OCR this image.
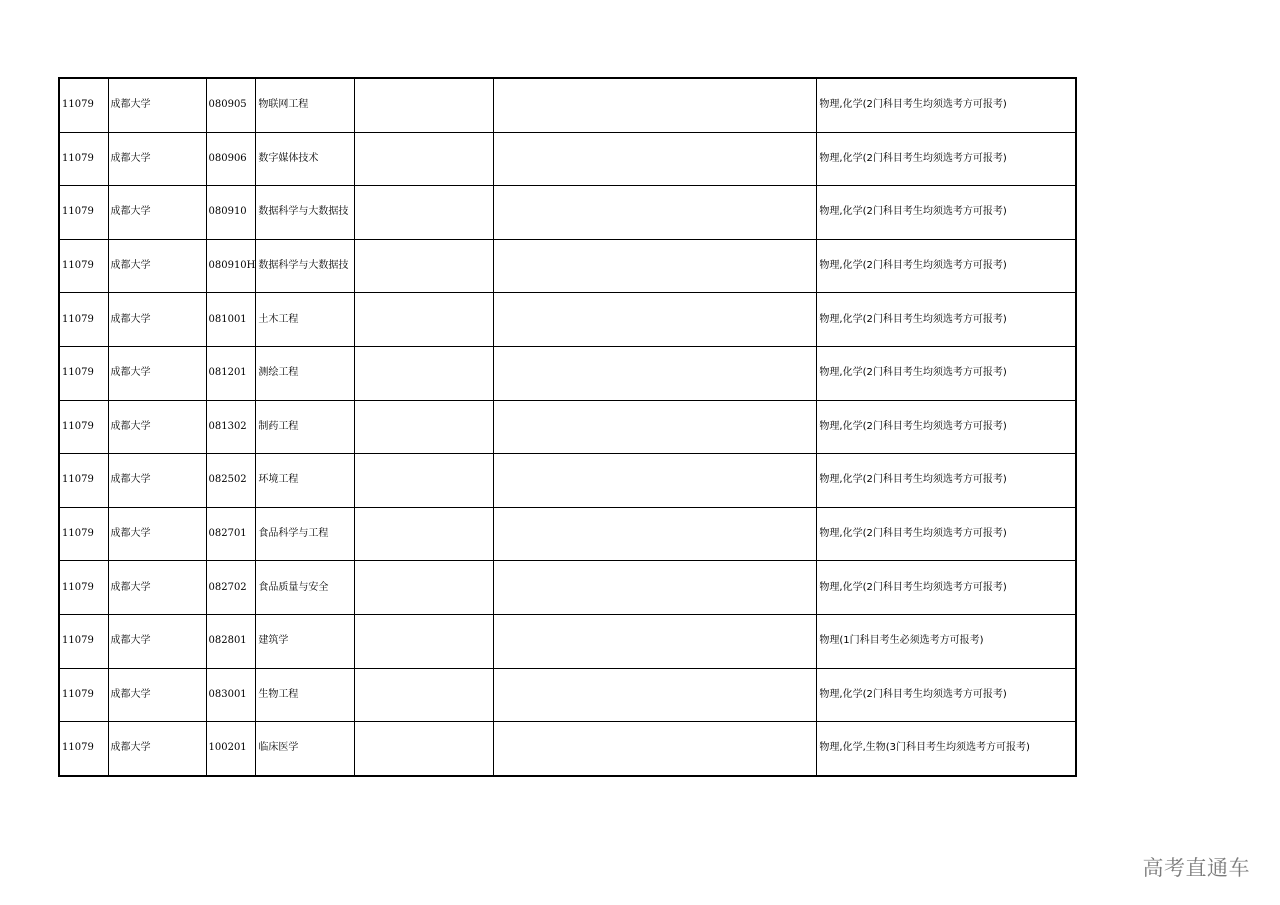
11079	成都大学	080905	物联网工程			物理,化学(2门科目考生均须选考方可报考)
11079	成都大学	080906	数字媒体技术			物理,化学(2门科目考生均须选考方可报考)
11079	成都大学	080910	数据科学与大数据技			物理,化学(2门科目考生均须选考方可报考)
11079	成都大学	080910H	数据科学与大数据技			物理,化学(2门科目考生均须选考方可报考)
11079	成都大学	081001	土木工程			物理,化学(2门科目考生均须选考方可报考)
11079	成都大学	081201	测绘工程			物理,化学(2门科目考生均须选考方可报考)
11079	成都大学	081302	制药工程			物理,化学(2门科目考生均须选考方可报考)
11079	成都大学	082502	环境工程			物理,化学(2门科目考生均须选考方可报考)
11079	成都大学	082701	食品科学与工程			物理,化学(2门科目考生均须选考方可报考)
11079	成都大学	082702	食品质量与安全			物理,化学(2门科目考生均须选考方可报考)
11079	成都大学	082801	建筑学			物理(1门科目考生必须选考方可报考)
11079	成都大学	083001	生物工程			物理,化学(2门科目考生均须选考方可报考)
11079	成都大学	100201	临床医学			物理,化学,生物(3门科目考生均须选考方可报考)
高考直通车
